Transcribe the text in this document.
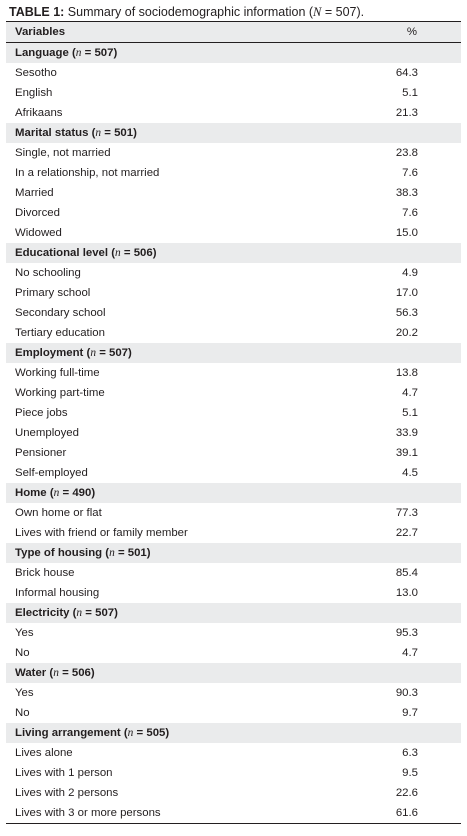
TABLE 1: Summary of sociodemographic information (N = 507).
Variables	%
Language (n = 507)	
Sesotho	64.3
English	5.1
Afrikaans	21.3
Marital status (n = 501)	
Single, not married	23.8
In a relationship, not married	7.6
Married	38.3
Divorced	7.6
Widowed	15.0
Educational level (n = 506)	
No schooling	4.9
Primary school	17.0
Secondary school	56.3
Tertiary education	20.2
Employment (n = 507)	
Working full-time	13.8
Working part-time	4.7
Piece jobs	5.1
Unemployed	33.9
Pensioner	39.1
Self-employed	4.5
Home (n = 490)	
Own home or flat	77.3
Lives with friend or family member	22.7
Type of housing (n = 501)	
Brick house	85.4
Informal housing	13.0
Electricity (n = 507)	
Yes	95.3
No	4.7
Water (n = 506)	
Yes	90.3
No	9.7
Living arrangement (n = 505)	
Lives alone	6.3
Lives with 1 person	9.5
Lives with 2 persons	22.6
Lives with 3 or more persons	61.6
